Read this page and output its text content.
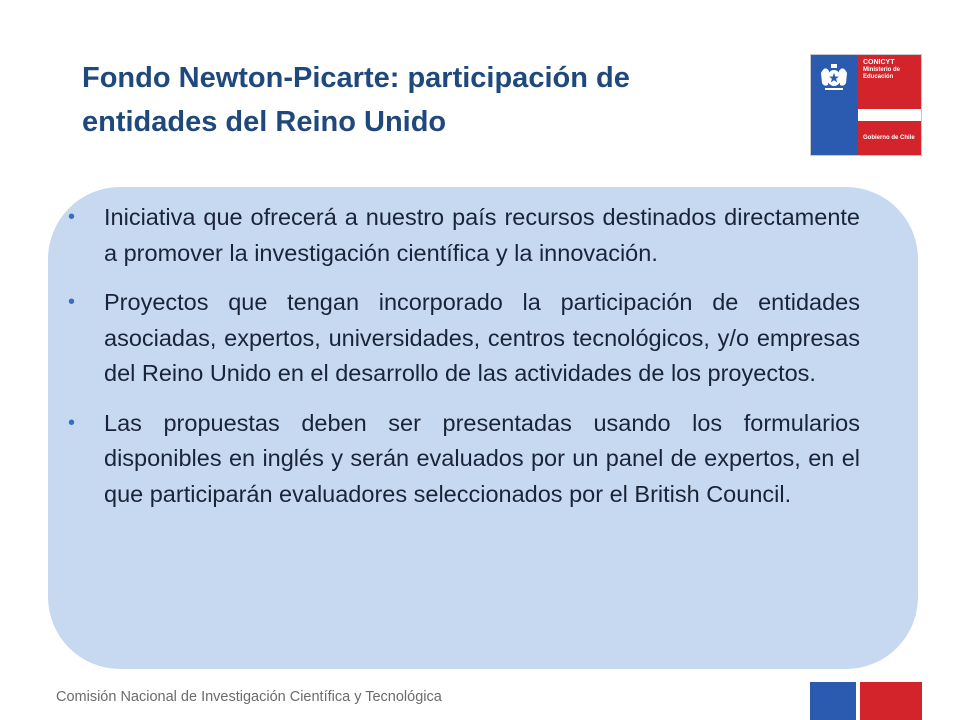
Fondo Newton-Picarte: participación de entidades del Reino Unido
CONICYT
Ministerio de
Educación
Gobierno de Chile
• Iniciativa que ofrecerá a nuestro país recursos destinados directamente a promover la investigación científica y la innovación.
• Proyectos que tengan incorporado la participación de entidades asociadas, expertos, universidades, centros tecnológicos, y/o empresas del Reino Unido en el desarrollo de las actividades de los proyectos.
• Las propuestas deben ser presentadas usando los formularios disponibles en inglés y serán evaluados por un panel de expertos, en el que participarán evaluadores seleccionados por el British Council.
Comisión Nacional de Investigación Científica y Tecnológica
